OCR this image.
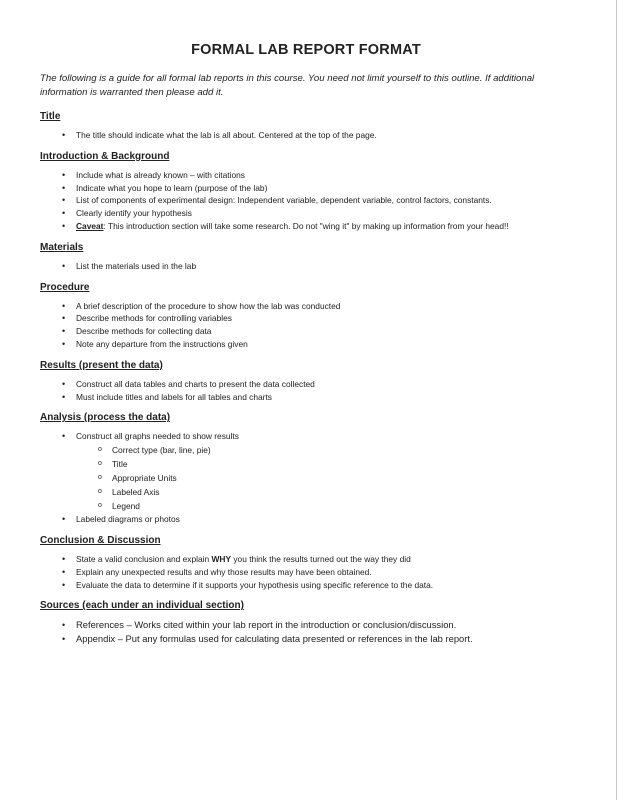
FORMAL LAB REPORT FORMAT

The following is a guide for all formal lab reports in this course. You need not limit yourself to this outline. If additional information is warranted then please add it.

Title
• The title should indicate what the lab is all about. Centered at the top of the page.
Introduction & Background
• Include what is already known – with citations
• Indicate what you hope to learn (purpose of the lab)
• List of components of experimental design: Independent variable, dependent variable, control factors, constants.
• Clearly identify your hypothesis
• Caveat: This introduction section will take some research. Do not "wing it" by making up information from your head!!
Materials
• List the materials used in the lab
Procedure
• A brief description of the procedure to show how the lab was conducted
• Describe methods for controlling variables
• Describe methods for collecting data
• Note any departure from the instructions given
Results (present the data)
• Construct all data tables and charts to present the data collected
• Must include titles and labels for all tables and charts
Analysis (process the data)
• Construct all graphs needed to show results
o Correct type (bar, line, pie)
o Title
o Appropriate Units
o Labeled Axis
o Legend
• Labeled diagrams or photos
Conclusion & Discussion
• State a valid conclusion and explain WHY you think the results turned out the way they did
• Explain any unexpected results and why those results may have been obtained.
• Evaluate the data to determine if it supports your hypothesis using specific reference to the data.
Sources (each under an individual section)
• References – Works cited within your lab report in the introduction or conclusion/discussion.
• Appendix – Put any formulas used for calculating data presented or references in the lab report.
